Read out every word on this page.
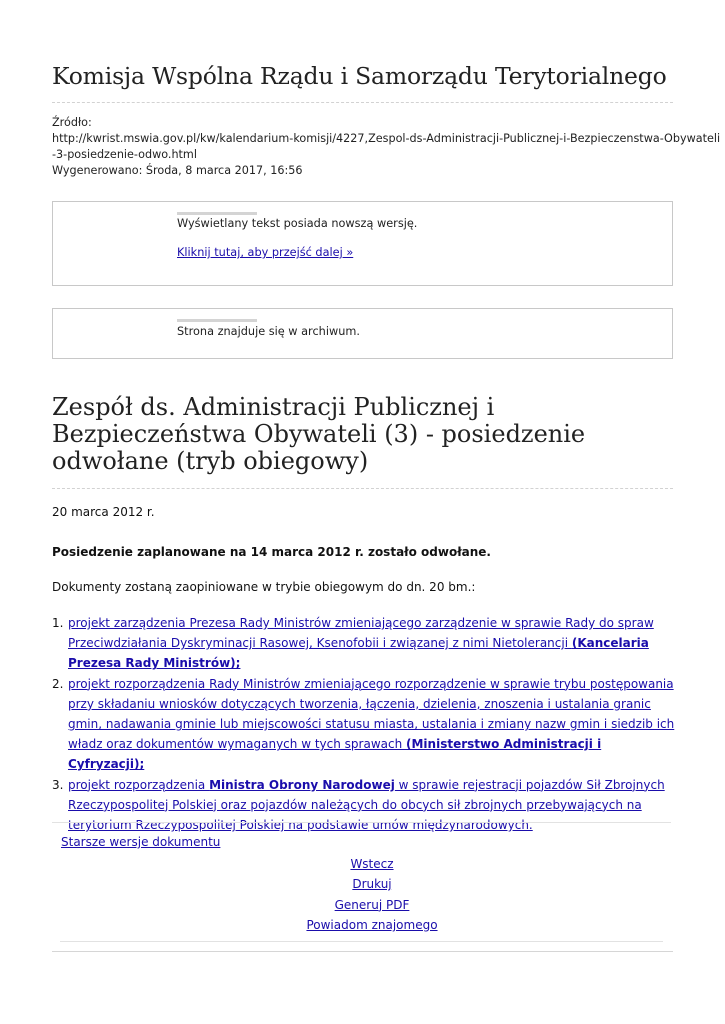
Komisja Wspólna Rządu i Samorządu Terytorialnego
Źródło:
http://kwrist.mswia.gov.pl/kw/kalendarium-komisji/4227,Zespol-ds-Administracji-Publicznej-i-Bezpieczenstwa-Obywateli
-3-posiedzenie-odwo.html
Wygenerowano: Środa, 8 marca 2017, 16:56
Wyświetlany tekst posiada nowszą wersję.
Kliknij tutaj, aby przejść dalej »
Strona znajduje się w archiwum.
Zespół ds. Administracji Publicznej i
Bezpieczeństwa Obywateli (3) - posiedzenie
odwołane (tryb obiegowy)
20 marca 2012 r.
Posiedzenie zaplanowane na 14 marca 2012 r. zostało odwołane.
Dokumenty zostaną zaopiniowane w trybie obiegowym do dn. 20 bm.:
1. projekt zarządzenia Prezesa Rady Ministrów zmieniającego zarządzenie w sprawie Rady do spraw Przeciwdziałania Dyskryminacji Rasowej, Ksenofobii i związanej z nimi Nietolerancji (Kancelaria Prezesa Rady Ministrów);
2. projekt rozporządzenia Rady Ministrów zmieniającego rozporządzenie w sprawie trybu postępowania przy składaniu wniosków dotyczących tworzenia, łączenia, dzielenia, znoszenia i ustalania granic gmin, nadawania gminie lub miejscowości statusu miasta, ustalania i zmiany nazw gmin i siedzib ich władz oraz dokumentów wymaganych w tych sprawach (Ministerstwo Administracji i Cyfryzacji);
3. projekt rozporządzenia Ministra Obrony Narodowej w sprawie rejestracji pojazdów Sił Zbrojnych Rzeczypospolitej Polskiej oraz pojazdów należących do obcych sił zbrojnych przebywających na terytorium Rzeczypospolitej Polskiej na podstawie umów międzynarodowych.
Starsze wersje dokumentu
Wstecz
Drukuj
Generuj PDF
Powiadom znajomego
